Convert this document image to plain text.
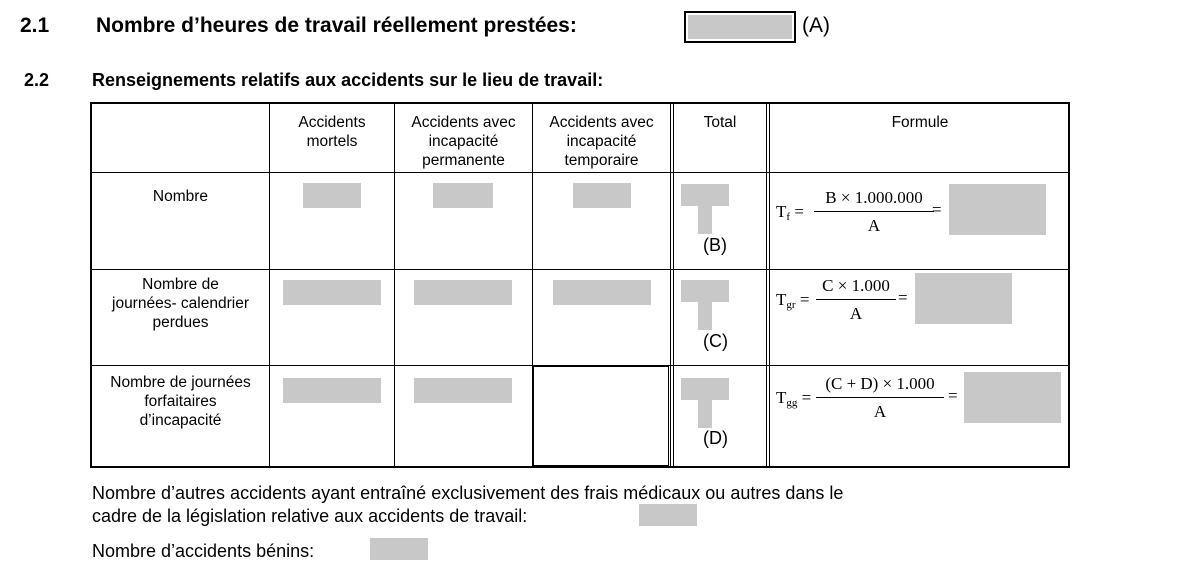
2.1 Nombre d’heures de travail réellement prestées:	(A)
2.2 Renseignements relatifs aux accidents sur le lieu de travail:
Accidents
mortels
Accidents avec
incapacité
permanente
Accidents avec
incapacité
temporaire
Total	Formule
Nombre
Nombre de
journées- calendrier
perdues
Nombre de journées
forfaitaires
d’incapacité
(B)
(C)
(D)
$T_f = \frac{B \times 1.000.000}{A}$
=
$T_{gr} = \frac{C \times 1.000}{A}$ =
$T_{gg} = \frac{(C + D) \times 1.000}{A}$ =
Nombre d’autres accidents ayant entraîné exclusivement des frais médicaux ou autres dans le
cadre de la législation relative aux accidents de travail:
Nombre d’accidents bénins:
